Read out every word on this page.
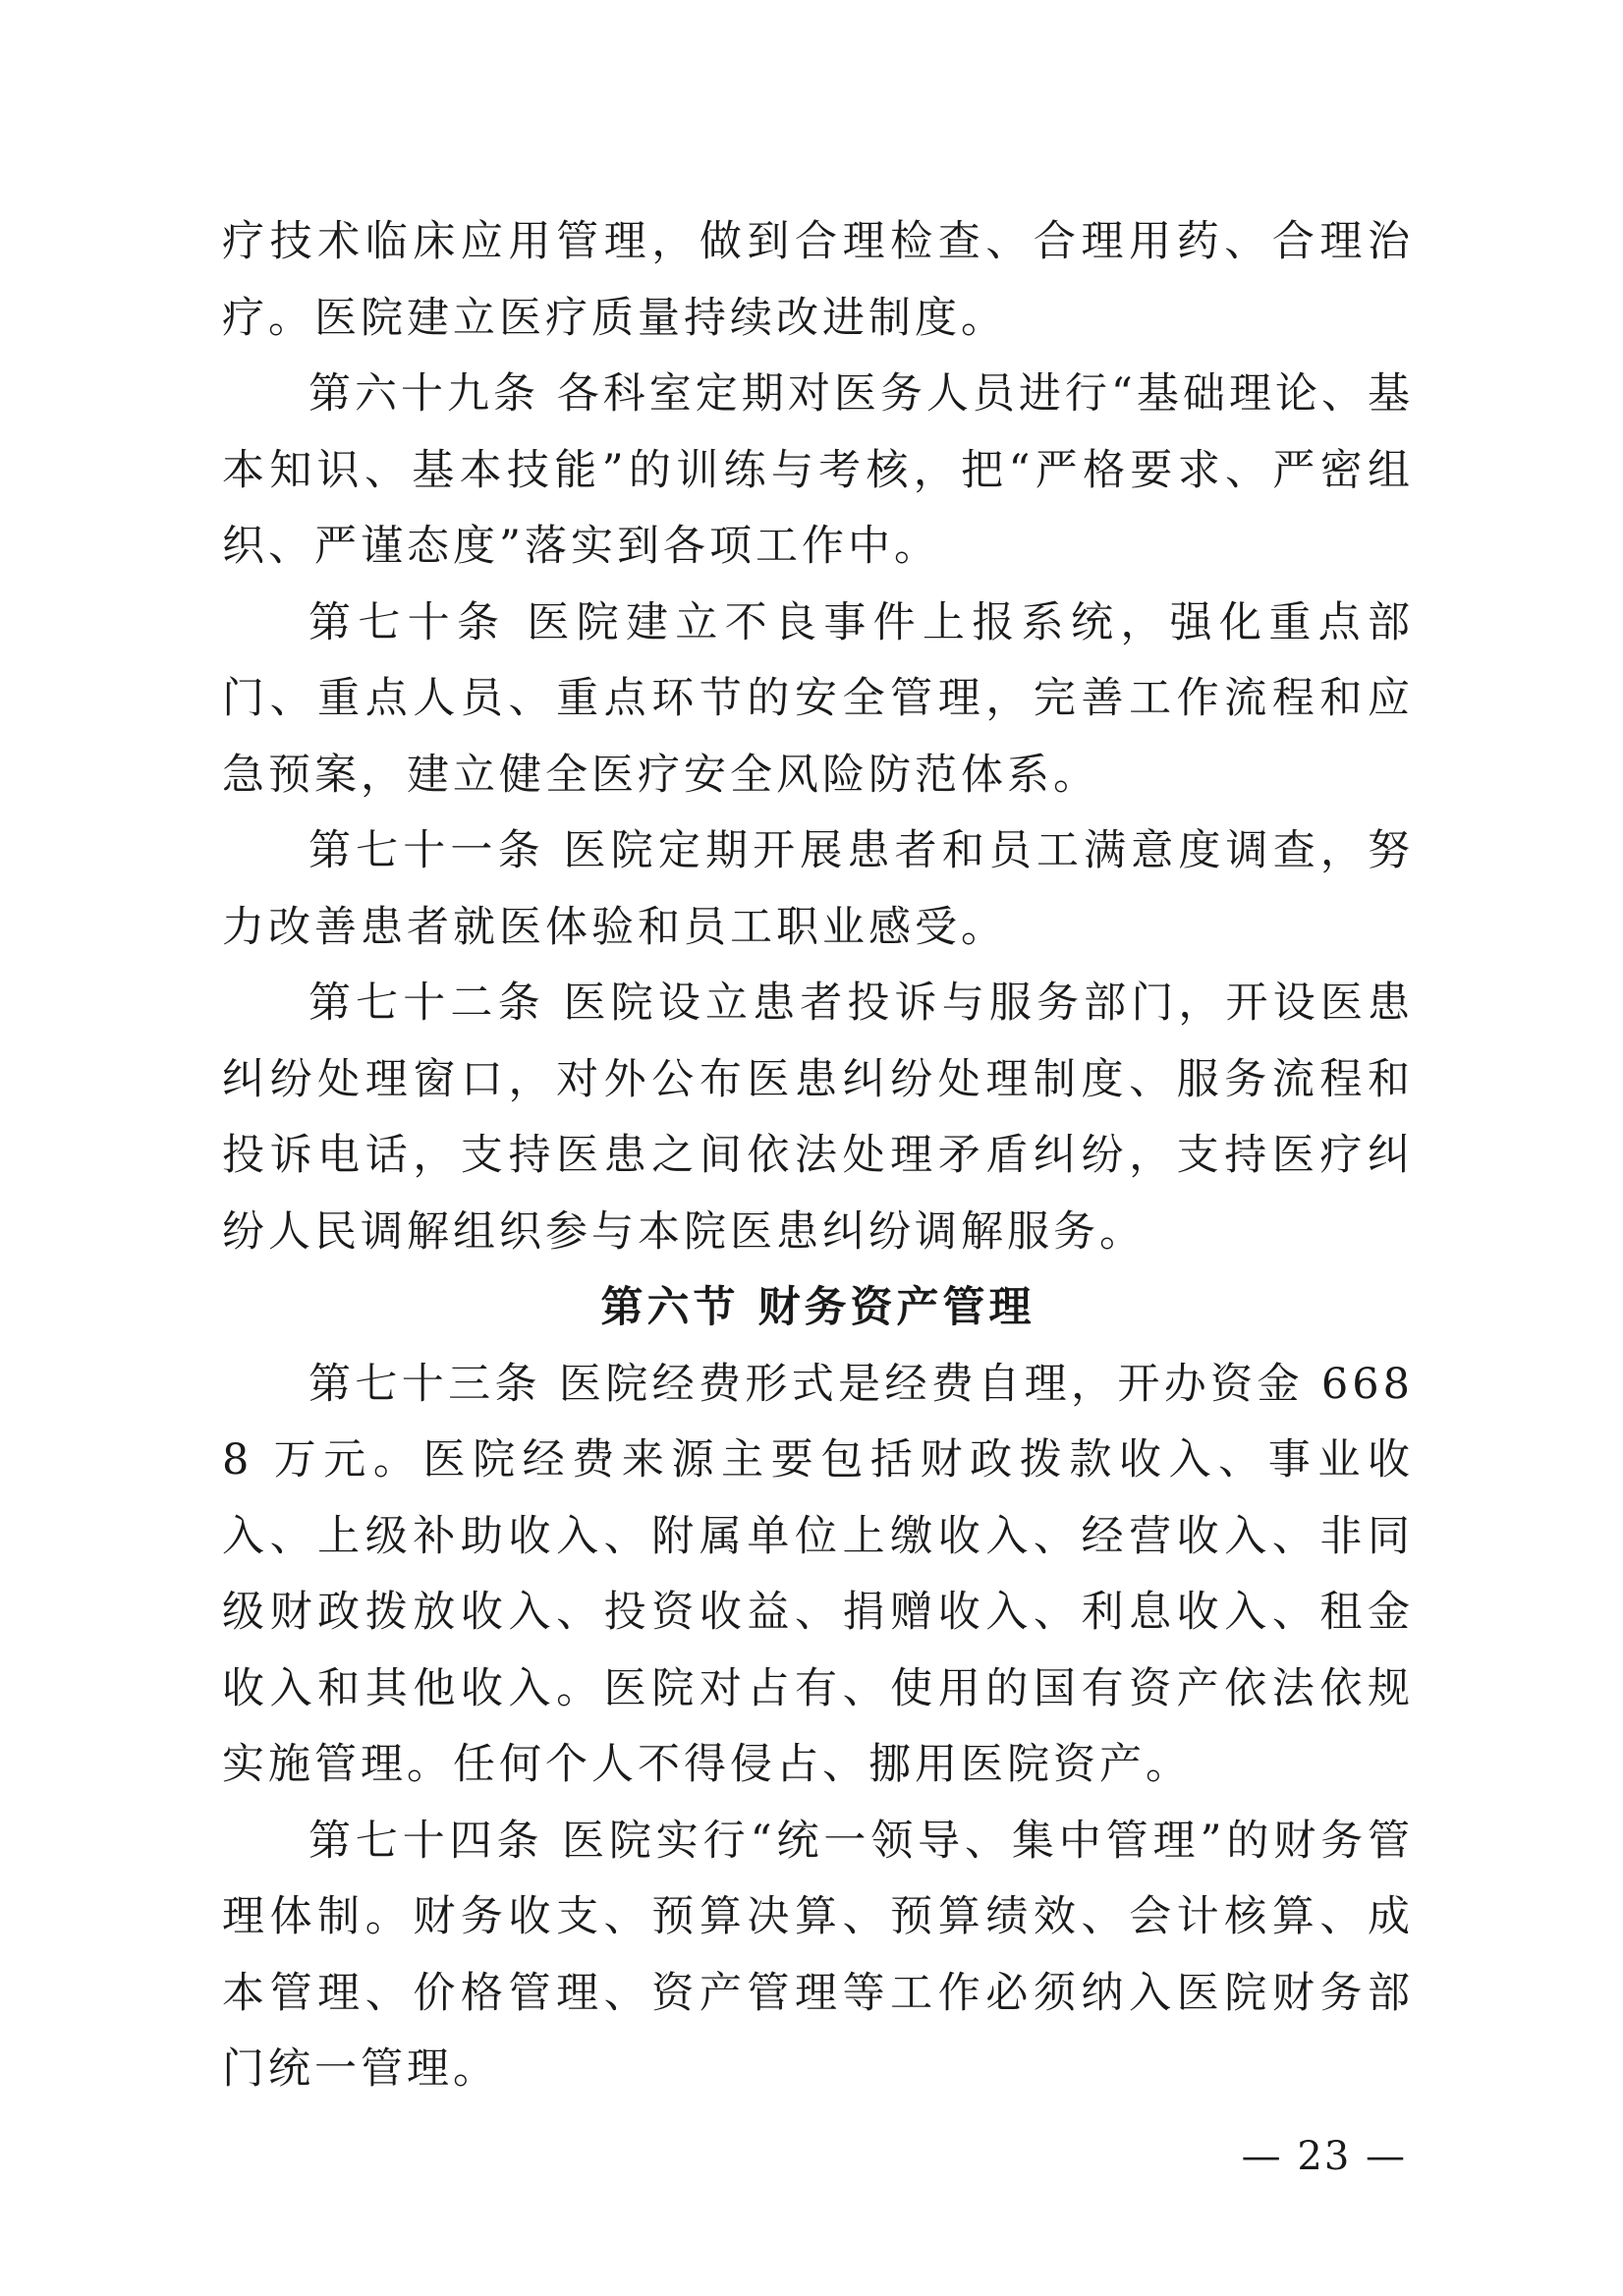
疗技术临床应用管理，做到合理检查、合理用药、合理治疗。医院建立医疗质量持续改进制度。

第六十九条 各科室定期对医务人员进行“基础理论、基本知识、基本技能”的训练与考核，把“严格要求、严密组织、严谨态度”落实到各项工作中。

第七十条 医院建立不良事件上报系统，强化重点部门、重点人员、重点环节的安全管理，完善工作流程和应急预案，建立健全医疗安全风险防范体系。

第七十一条 医院定期开展患者和员工满意度调查，努力改善患者就医体验和员工职业感受。

第七十二条 医院设立患者投诉与服务部门，开设医患纠纷处理窗口，对外公布医患纠纷处理制度、服务流程和投诉电话，支持医患之间依法处理矛盾纠纷，支持医疗纠纷人民调解组织参与本院医患纠纷调解服务。

第六节 财务资产管理

第七十三条 医院经费形式是经费自理，开办资金 6688 万元。医院经费来源主要包括财政拨款收入、事业收入、上级补助收入、附属单位上缴收入、经营收入、非同级财政拨放收入、投资收益、捐赠收入、利息收入、租金收入和其他收入。医院对占有、使用的国有资产依法依规实施管理。任何个人不得侵占、挪用医院资产。

第七十四条 医院实行“统一领导、集中管理”的财务管理体制。财务收支、预算决算、预算绩效、会计核算、成本管理、价格管理、资产管理等工作必须纳入医院财务部门统一管理。

— 23 —
